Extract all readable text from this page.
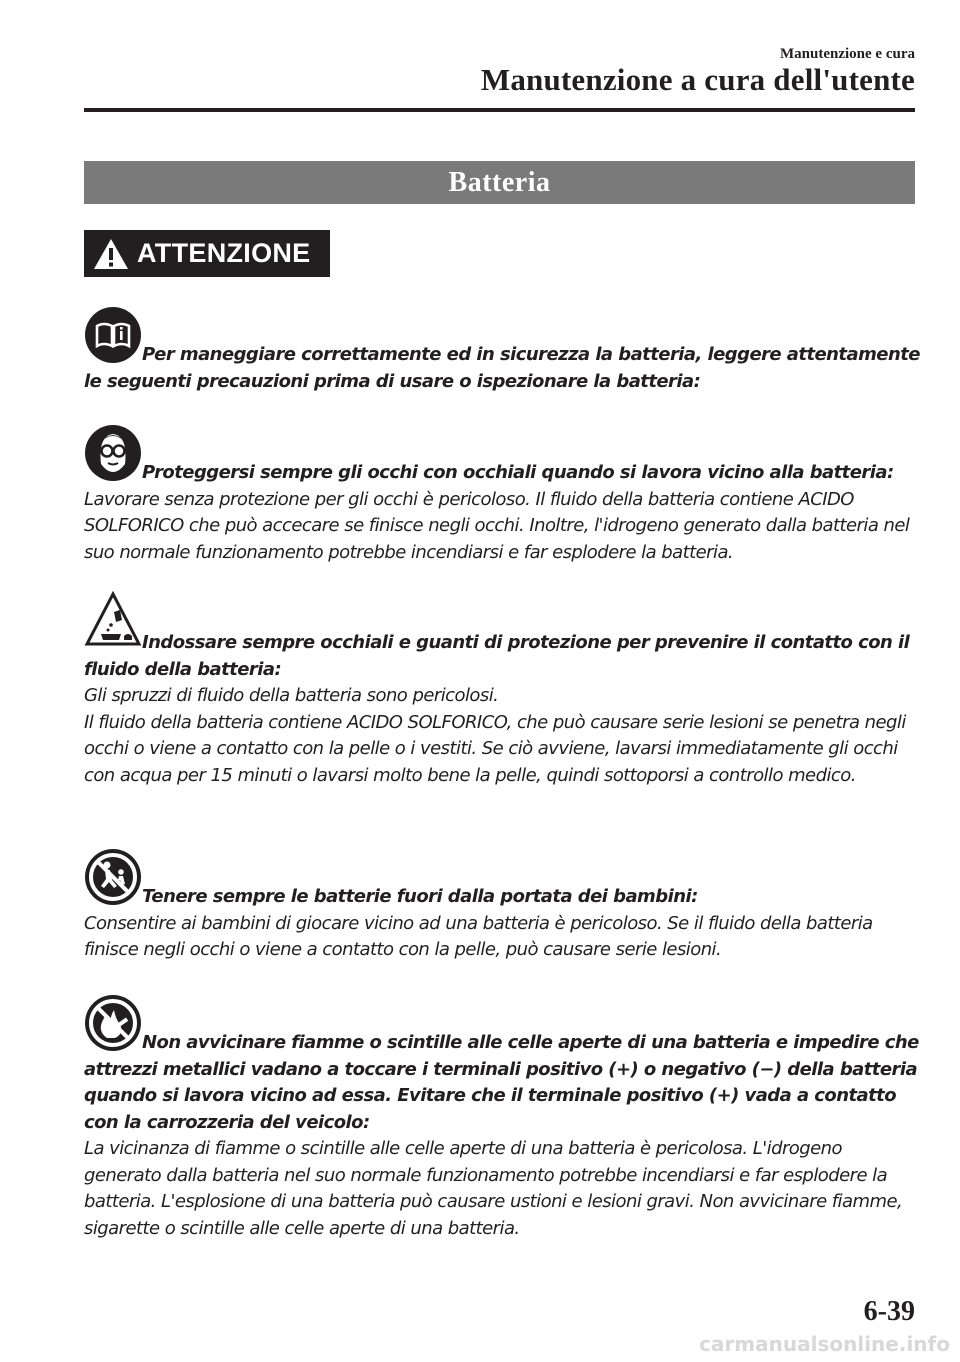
Manutenzione e cura
Manutenzione a cura dell'utente
Batteria
ATTENZIONE

Per maneggiare correttamente ed in sicurezza la batteria, leggere attentamente le seguenti precauzioni prima di usare o ispezionare la batteria:

Proteggersi sempre gli occhi con occhiali quando si lavora vicino alla batteria:

Lavorare senza protezione per gli occhi è pericoloso. Il fluido della batteria contiene ACIDO SOLFORICO che può accecare se finisce negli occhi. Inoltre, l'idrogeno generato dalla batteria nel suo normale funzionamento potrebbe incendiarsi e far esplodere la batteria.

Indossare sempre occhiali e guanti di protezione per prevenire il contatto con il fluido della batteria:

Gli spruzzi di fluido della batteria sono pericolosi.

Il fluido della batteria contiene ACIDO SOLFORICO, che può causare serie lesioni se penetra negli occhi o viene a contatto con la pelle o i vestiti. Se ciò avviene, lavarsi immediatamente gli occhi con acqua per 15 minuti o lavarsi molto bene la pelle, quindi sottoporsi a controllo medico.

Tenere sempre le batterie fuori dalla portata dei bambini:

Consentire ai bambini di giocare vicino ad una batteria è pericoloso. Se il fluido della batteria finisce negli occhi o viene a contatto con la pelle, può causare serie lesioni.

Non avvicinare fiamme o scintille alle celle aperte di una batteria e impedire che attrezzi metallici vadano a toccare i terminali positivo (+) o negativo (−) della batteria quando si lavora vicino ad essa. Evitare che il terminale positivo (+) vada a contatto con la carrozzeria del veicolo:

La vicinanza di fiamme o scintille alle celle aperte di una batteria è pericolosa. L'idrogeno generato dalla batteria nel suo normale funzionamento potrebbe incendiarsi e far esplodere la batteria. L'esplosione di una batteria può causare ustioni e lesioni gravi. Non avvicinare fiamme, sigarette o scintille alle celle aperte di una batteria.

6-39
carmanualsonline.info
